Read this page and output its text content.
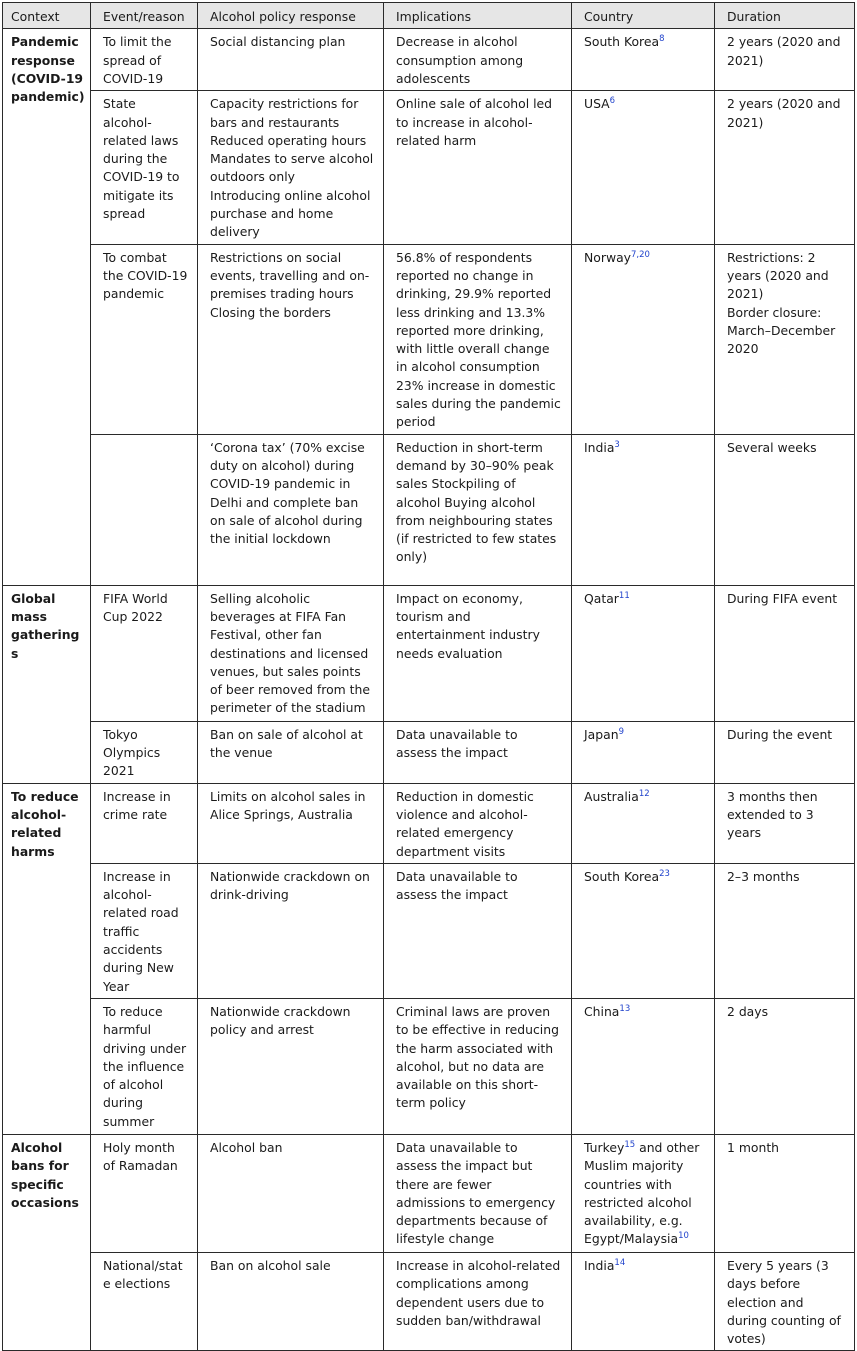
Context	Event/reason	Alcohol policy response	Implications	Country	Duration
Pandemic response (COVID-19 pandemic)	To limit the spread of COVID-19	Social distancing plan	Decrease in alcohol consumption among adolescents	South Korea$^8$	2 years (2020 and 2021)

	State alcohol-related laws during the COVID-19 to mitigate its spread	Capacity restrictions for bars and restaurants
Reduced operating hours
Mandates to serve alcohol outdoors only
Introducing online alcohol purchase and home delivery	Online sale of alcohol led to increase in alcohol-related harm	USA$^6$	2 years (2020 and 2021)

	To combat the COVID-19 pandemic	Restrictions on social events, travelling and on-premises trading hours
Closing the borders	56.8% of respondents reported no change in drinking, 29.9% reported less drinking and 13.3% reported more drinking, with little overall change in alcohol consumption 23% increase in domestic sales during the pandemic period	Norway$^{7,20}$	Restrictions: 2 years (2020 and 2021)
Border closure: March–December 2020

		‘Corona tax’ (70% excise duty on alcohol) during COVID-19 pandemic in Delhi and complete ban on sale of alcohol during the initial lockdown	Reduction in short-term demand by 30–90% peak sales Stockpiling of alcohol Buying alcohol from neighbouring states (if restricted to few states only)	India$^3$	Several weeks

Global mass gatherings	FIFA World Cup 2022	Selling alcoholic beverages at FIFA Fan Festival, other fan destinations and licensed venues, but sales points of beer removed from the perimeter of the stadium	Impact on economy, tourism and entertainment industry needs evaluation	Qatar$^{11}$	During FIFA event

	Tokyo Olympics 2021	Ban on sale of alcohol at the venue	Data unavailable to assess the impact	Japan$^9$	During the event

To reduce alcohol-related harms	Increase in crime rate	Limits on alcohol sales in Alice Springs, Australia	Reduction in domestic violence and alcohol-related emergency department visits	Australia$^{12}$	3 months then extended to 3 years

	Increase in alcohol-related road traffic accidents during New Year	Nationwide crackdown on drink-driving	Data unavailable to assess the impact	South Korea$^{23}$	2–3 months

	To reduce harmful driving under the influence of alcohol during summer	Nationwide crackdown policy and arrest	Criminal laws are proven to be effective in reducing the harm associated with alcohol, but no data are available on this short-term policy	China$^{13}$	2 days

Alcohol bans for specific occasions	Holy month of Ramadan	Alcohol ban	Data unavailable to assess the impact but there are fewer admissions to emergency departments because of lifestyle change	Turkey$^{15}$ and other Muslim majority countries with restricted alcohol availability, e.g. Egypt/Malaysia$^{10}$	1 month

	National/state elections	Ban on alcohol sale	Increase in alcohol-related complications among dependent users due to sudden ban/withdrawal	India$^{14}$	Every 5 years (3 days before election and during counting of votes)
